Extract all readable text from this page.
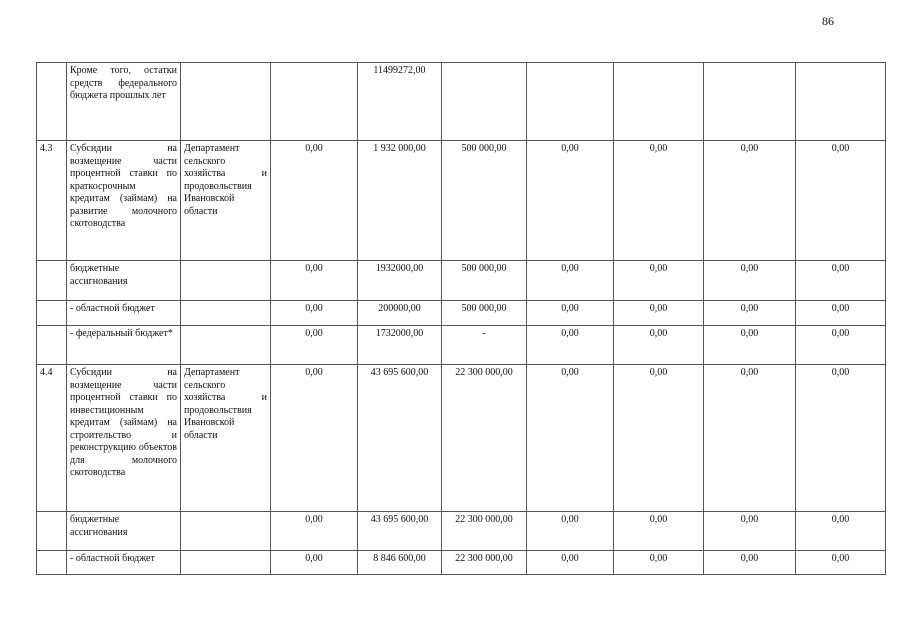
86
	Кроме того, остатки средств федерального бюджета прошлых лет			11499272,00					
4.3	Субсидии на возмещение части процентной ставки по краткосрочным кредитам (займам) на развитие молочного скотоводства	Департамент сельского хозяйства и продовольствия Ивановской области	0,00	1 932 000,00	500 000,00	0,00	0,00	0,00	0,00
	бюджетные ассигнования		0,00	1932000,00	500 000,00	0,00	0,00	0,00	0,00
	- областной бюджет		0,00	200000,00	500 000,00	0,00	0,00	0,00	0,00
	- федеральный бюджет*		0,00	1732000,00	-	0,00	0,00	0,00	0,00
4.4	Субсидии на возмещение части процентной ставки по инвестиционным кредитам (займам) на строительство и реконструкцию объектов для молочного скотоводства	Департамент сельского хозяйства и продовольствия Ивановской области	0,00	43 695 600,00	22 300 000,00	0,00	0,00	0,00	0,00
	бюджетные ассигнования		0,00	43 695 600,00	22 300 000,00	0,00	0,00	0,00	0,00
	- областной бюджет		0,00	8 846 600,00	22 300 000,00	0,00	0,00	0,00	0,00
